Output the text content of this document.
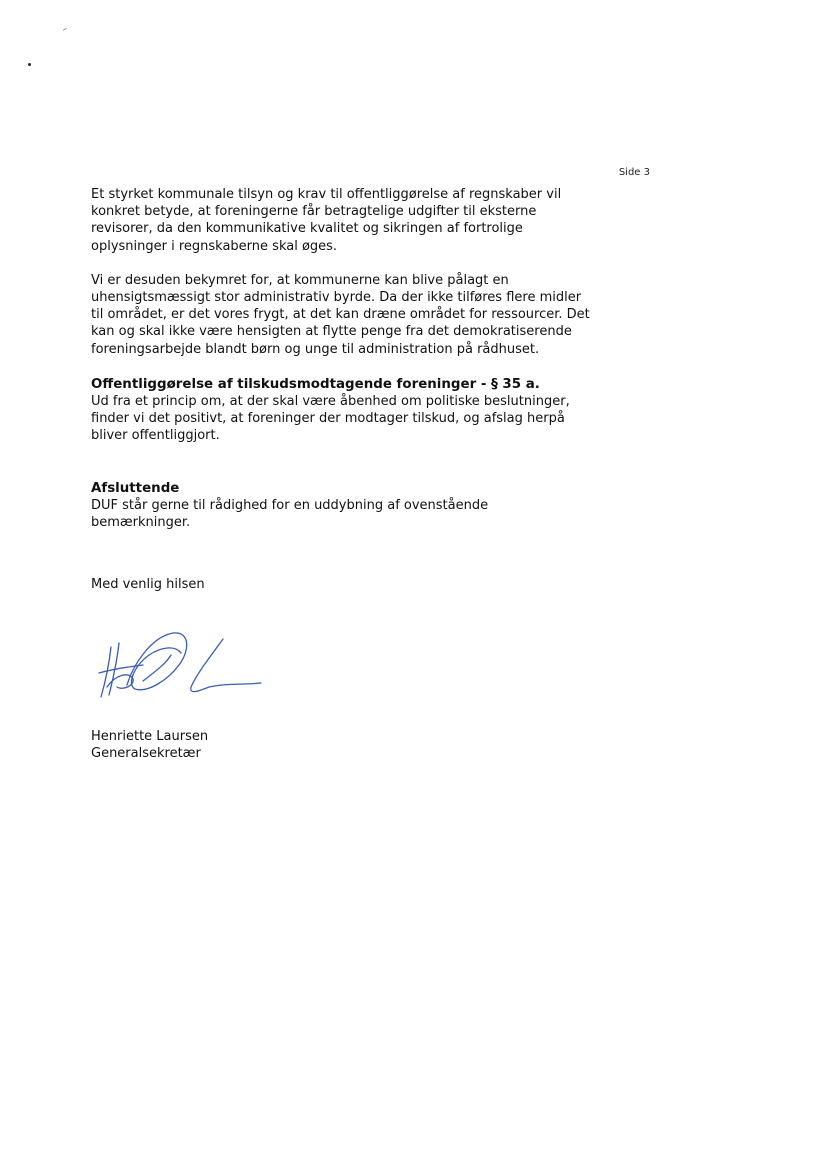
Side 3

Et styrket kommunale tilsyn og krav til offentliggørelse af regnskaber vil konkret betyde, at foreningerne får betragtelige udgifter til eksterne revisorer, da den kommunikative kvalitet og sikringen af fortrolige oplysninger i regnskaberne skal øges.

Vi er desuden bekymret for, at kommunerne kan blive pålagt en uhensigtsmæssigt stor administrativ byrde. Da der ikke tilføres flere midler til området, er det vores frygt, at det kan dræne området for ressourcer. Det kan og skal ikke være hensigten at flytte penge fra det demokratiserende foreningsarbejde blandt børn og unge til administration på rådhuset.

Offentliggørelse af tilskudsmodtagende foreninger - § 35 a.

Ud fra et princip om, at der skal være åbenhed om politiske beslutninger, finder vi det positivt, at foreninger der modtager tilskud, og afslag herpå bliver offentliggjort.

Afsluttende

DUF står gerne til rådighed for en uddybning af ovenstående bemærkninger.

Med venlig hilsen

Henriette Laursen
Generalsekretær
